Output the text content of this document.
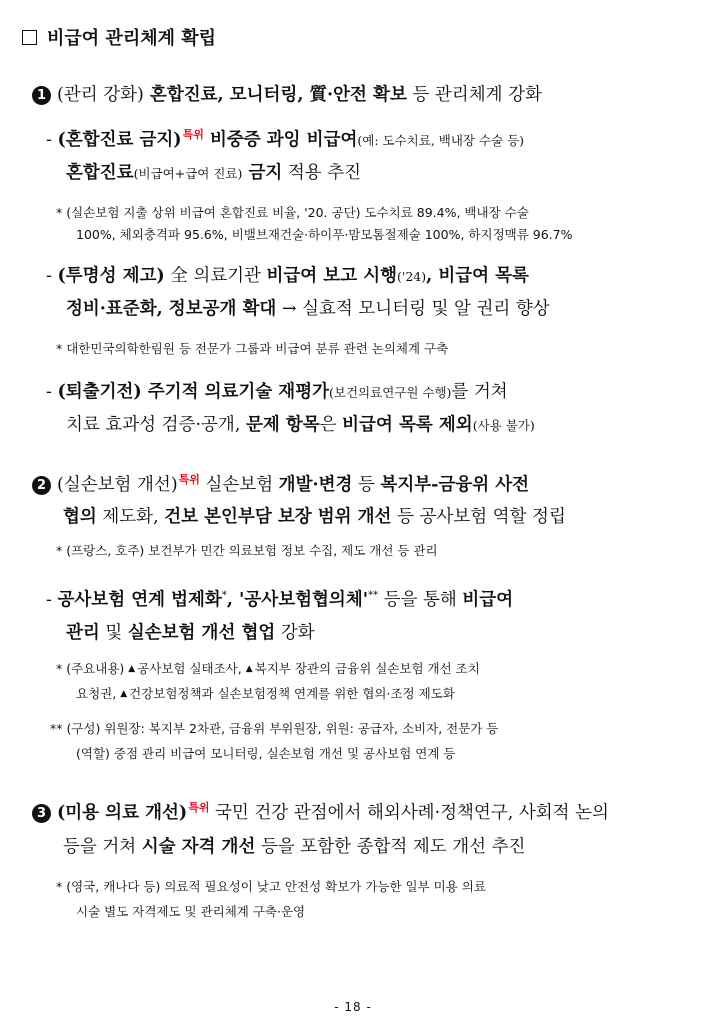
비급여 관리체계 확립
1 (관리 강화) 혼합진료, 모니터링, 質·안전 확보 등 관리체계 강화
- (혼합진료 금지)$^{특위}$ 비중증 과잉 비급여(예: 도수치료, 백내장 수술 등)
혼합진료(비급여+급여 진료) 금지 적용 추진
* (실손보험 지출 상위 비급여 혼합진료 비율, '20. 공단) 도수치료 89.4%, 백내장 수술
100%, 체외충격파 95.6%, 비밸브재건술·하이푸·맘모톰절제술 100%, 하지정맥류 96.7%
- (투명성 제고) 全 의료기관 비급여 보고 시행('24), 비급여 목록
정비·표준화, 정보공개 확대 → 실효적 모니터링 및 알 권리 향상
* 대한민국의학한림원 등 전문가 그룹과 비급여 분류 관련 논의체계 구축
- (퇴출기전) 주기적 의료기술 재평가(보건의료연구원 수행)를 거쳐
치료 효과성 검증·공개, 문제 항목은 비급여 목록 제외(사용 불가)
2 (실손보험 개선)$^{특위}$ 실손보험 개발·변경 등 복지부-금융위 사전
협의 제도화, 건보 본인부담 보장 범위 개선 등 공사보험 역할 정립
* (프랑스, 호주) 보건부가 민간 의료보험 정보 수집, 제도 개선 등 관리
- 공사보험 연계 법제화*, '공사보험협의체'** 등을 통해 비급여
관리 및 실손보험 개선 협업 강화
* (주요내용) ▲ 공사보험 실태조사, ▲ 복지부 장관의 금융위 실손보험 개선 조치
요청권, ▲ 건강보험정책과 실손보험정책 연계를 위한 협의·조정 제도화
** (구성) 위원장: 복지부 2차관, 금융위 부위원장, 위원: 공급자, 소비자, 전문가 등
(역할) 중점 관리 비급여 모니터링, 실손보험 개선 및 공사보험 연계 등
3 (미용 의료 개선)$^{특위}$ 국민 건강 관점에서 해외사례·정책연구, 사회적 논의
등을 거쳐 시술 자격 개선 등을 포함한 종합적 제도 개선 추진
* (영국, 캐나다 등) 의료적 필요성이 낮고 안전성 확보가 가능한 일부 미용 의료
시술 별도 자격제도 및 관리체계 구축·운영
- 18 -
